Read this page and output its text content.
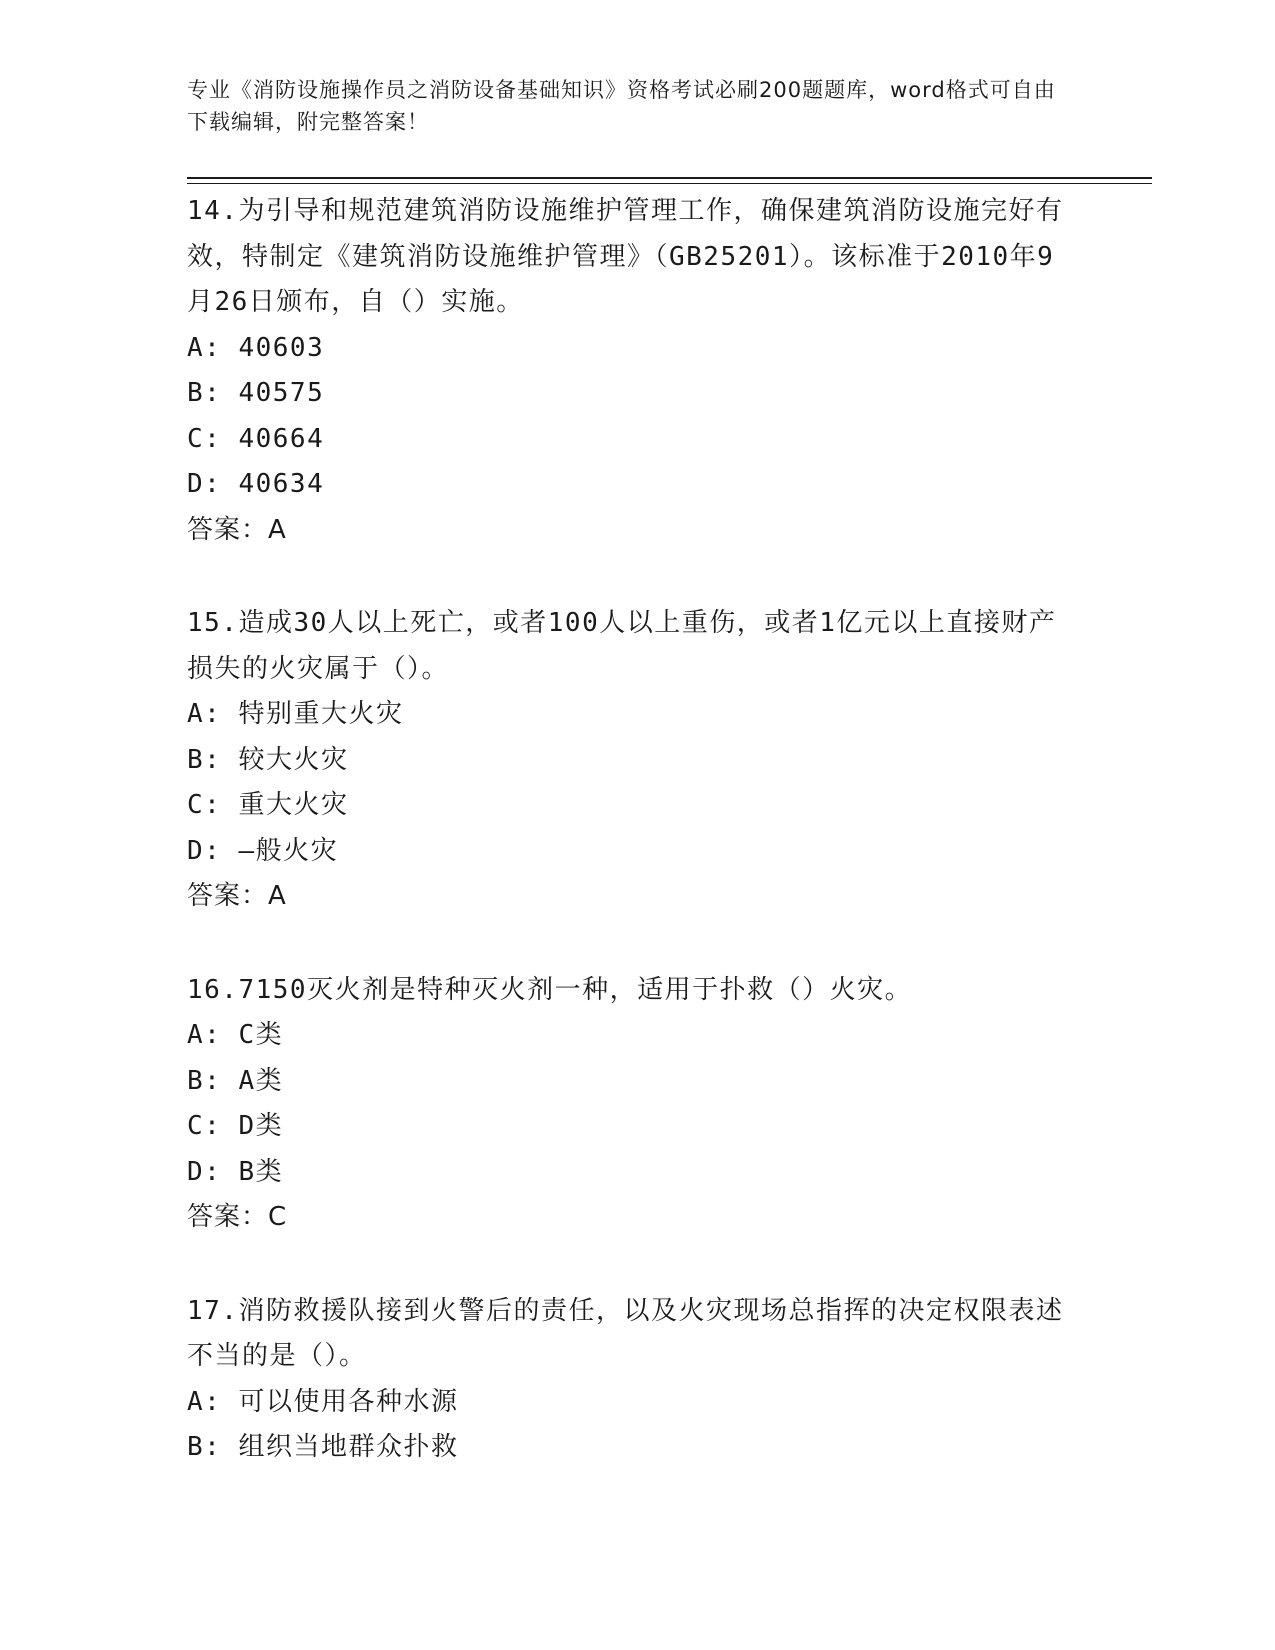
专业《消防设施操作员之消防设备基础知识》资格考试必刷200题题库，word格式可自由下载编辑，附完整答案！

14.为引导和规范建筑消防设施维护管理工作，确保建筑消防设施完好有效，特制定《建筑消防设施维护管理》（GB25201）。该标准于2010年9月26日颁布，自（）实施。

A: 40603

B: 40575

C: 40664

D: 40634

答案：A

15.造成30人以上死亡，或者100人以上重伤，或者1亿元以上直接财产损失的火灾属于（）。

A: 特别重大火灾

B: 较大火灾

C: 重大火灾

D: —般火灾

答案：A

16.7150灭火剂是特种灭火剂一种，适用于扑救（）火灾。

A: C类

B: A类

C: D类

D: B类

答案：C

17.消防救援队接到火警后的责任，以及火灾现场总指挥的决定权限表述不当的是（）。

A: 可以使用各种水源

B: 组织当地群众扑救
